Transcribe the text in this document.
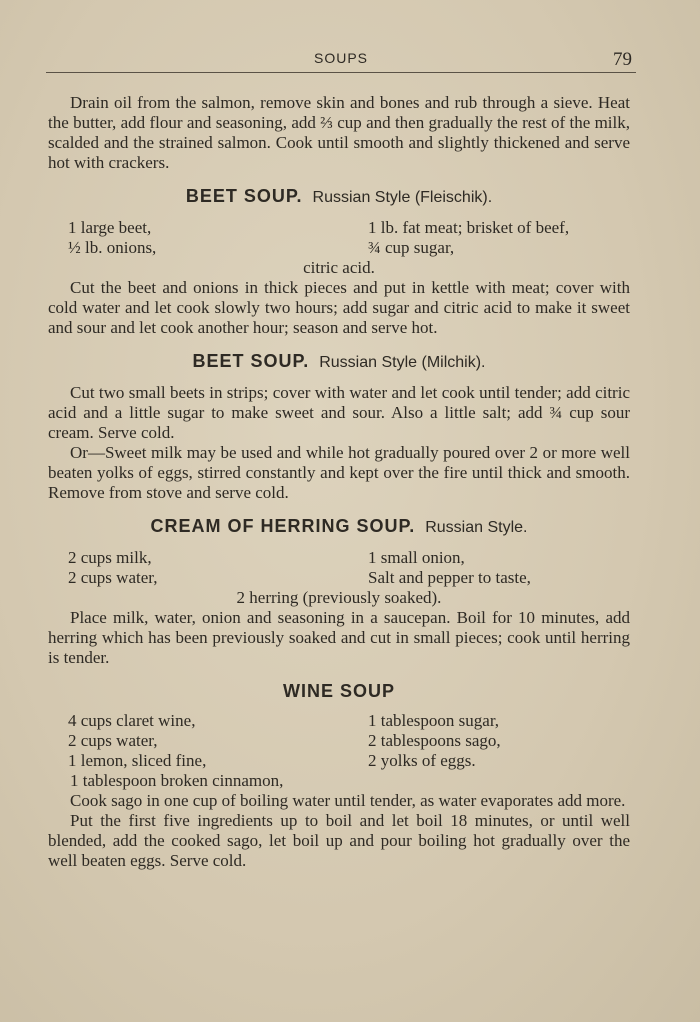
SOUPS	79

Drain oil from the salmon, remove skin and bones and rub through a sieve. Heat the butter, add flour and seasoning, add ⅔ cup and then gradually the rest of the milk, scalded and the strained salmon. Cook until smooth and slightly thickened and serve hot with crackers.

BEET SOUP. Russian Style (Fleischik).
1 large beet,	1 lb. fat meat; brisket of beef,
½ lb. onions,	¾ cup sugar,
citric acid.

Cut the beet and onions in thick pieces and put in kettle with meat; cover with cold water and let cook slowly two hours; add sugar and citric acid to make it sweet and sour and let cook another hour; season and serve hot.

BEET SOUP. Russian Style (Milchik).

Cut two small beets in strips; cover with water and let cook until tender; add citric acid and a little sugar to make sweet and sour. Also a little salt; add ¾ cup sour cream. Serve cold.

Or—Sweet milk may be used and while hot gradually poured over 2 or more well beaten yolks of eggs, stirred constantly and kept over the fire until thick and smooth. Remove from stove and serve cold.

CREAM OF HERRING SOUP. Russian Style.
2 cups milk,	1 small onion,
2 cups water,	Salt and pepper to taste,
2 herring (previously soaked).

Place milk, water, onion and seasoning in a saucepan. Boil for 10 minutes, add herring which has been previously soaked and cut in small pieces; cook until herring is tender.

WINE SOUP
4 cups claret wine,	1 tablespoon sugar,
2 cups water,	2 tablespoons sago,
1 lemon, sliced fine,	2 yolks of eggs.
1 tablespoon broken cinnamon,

Cook sago in one cup of boiling water until tender, as water evaporates add more.

Put the first five ingredients up to boil and let boil 18 minutes, or until well blended, add the cooked sago, let boil up and pour boiling hot gradually over the well beaten eggs. Serve cold.
